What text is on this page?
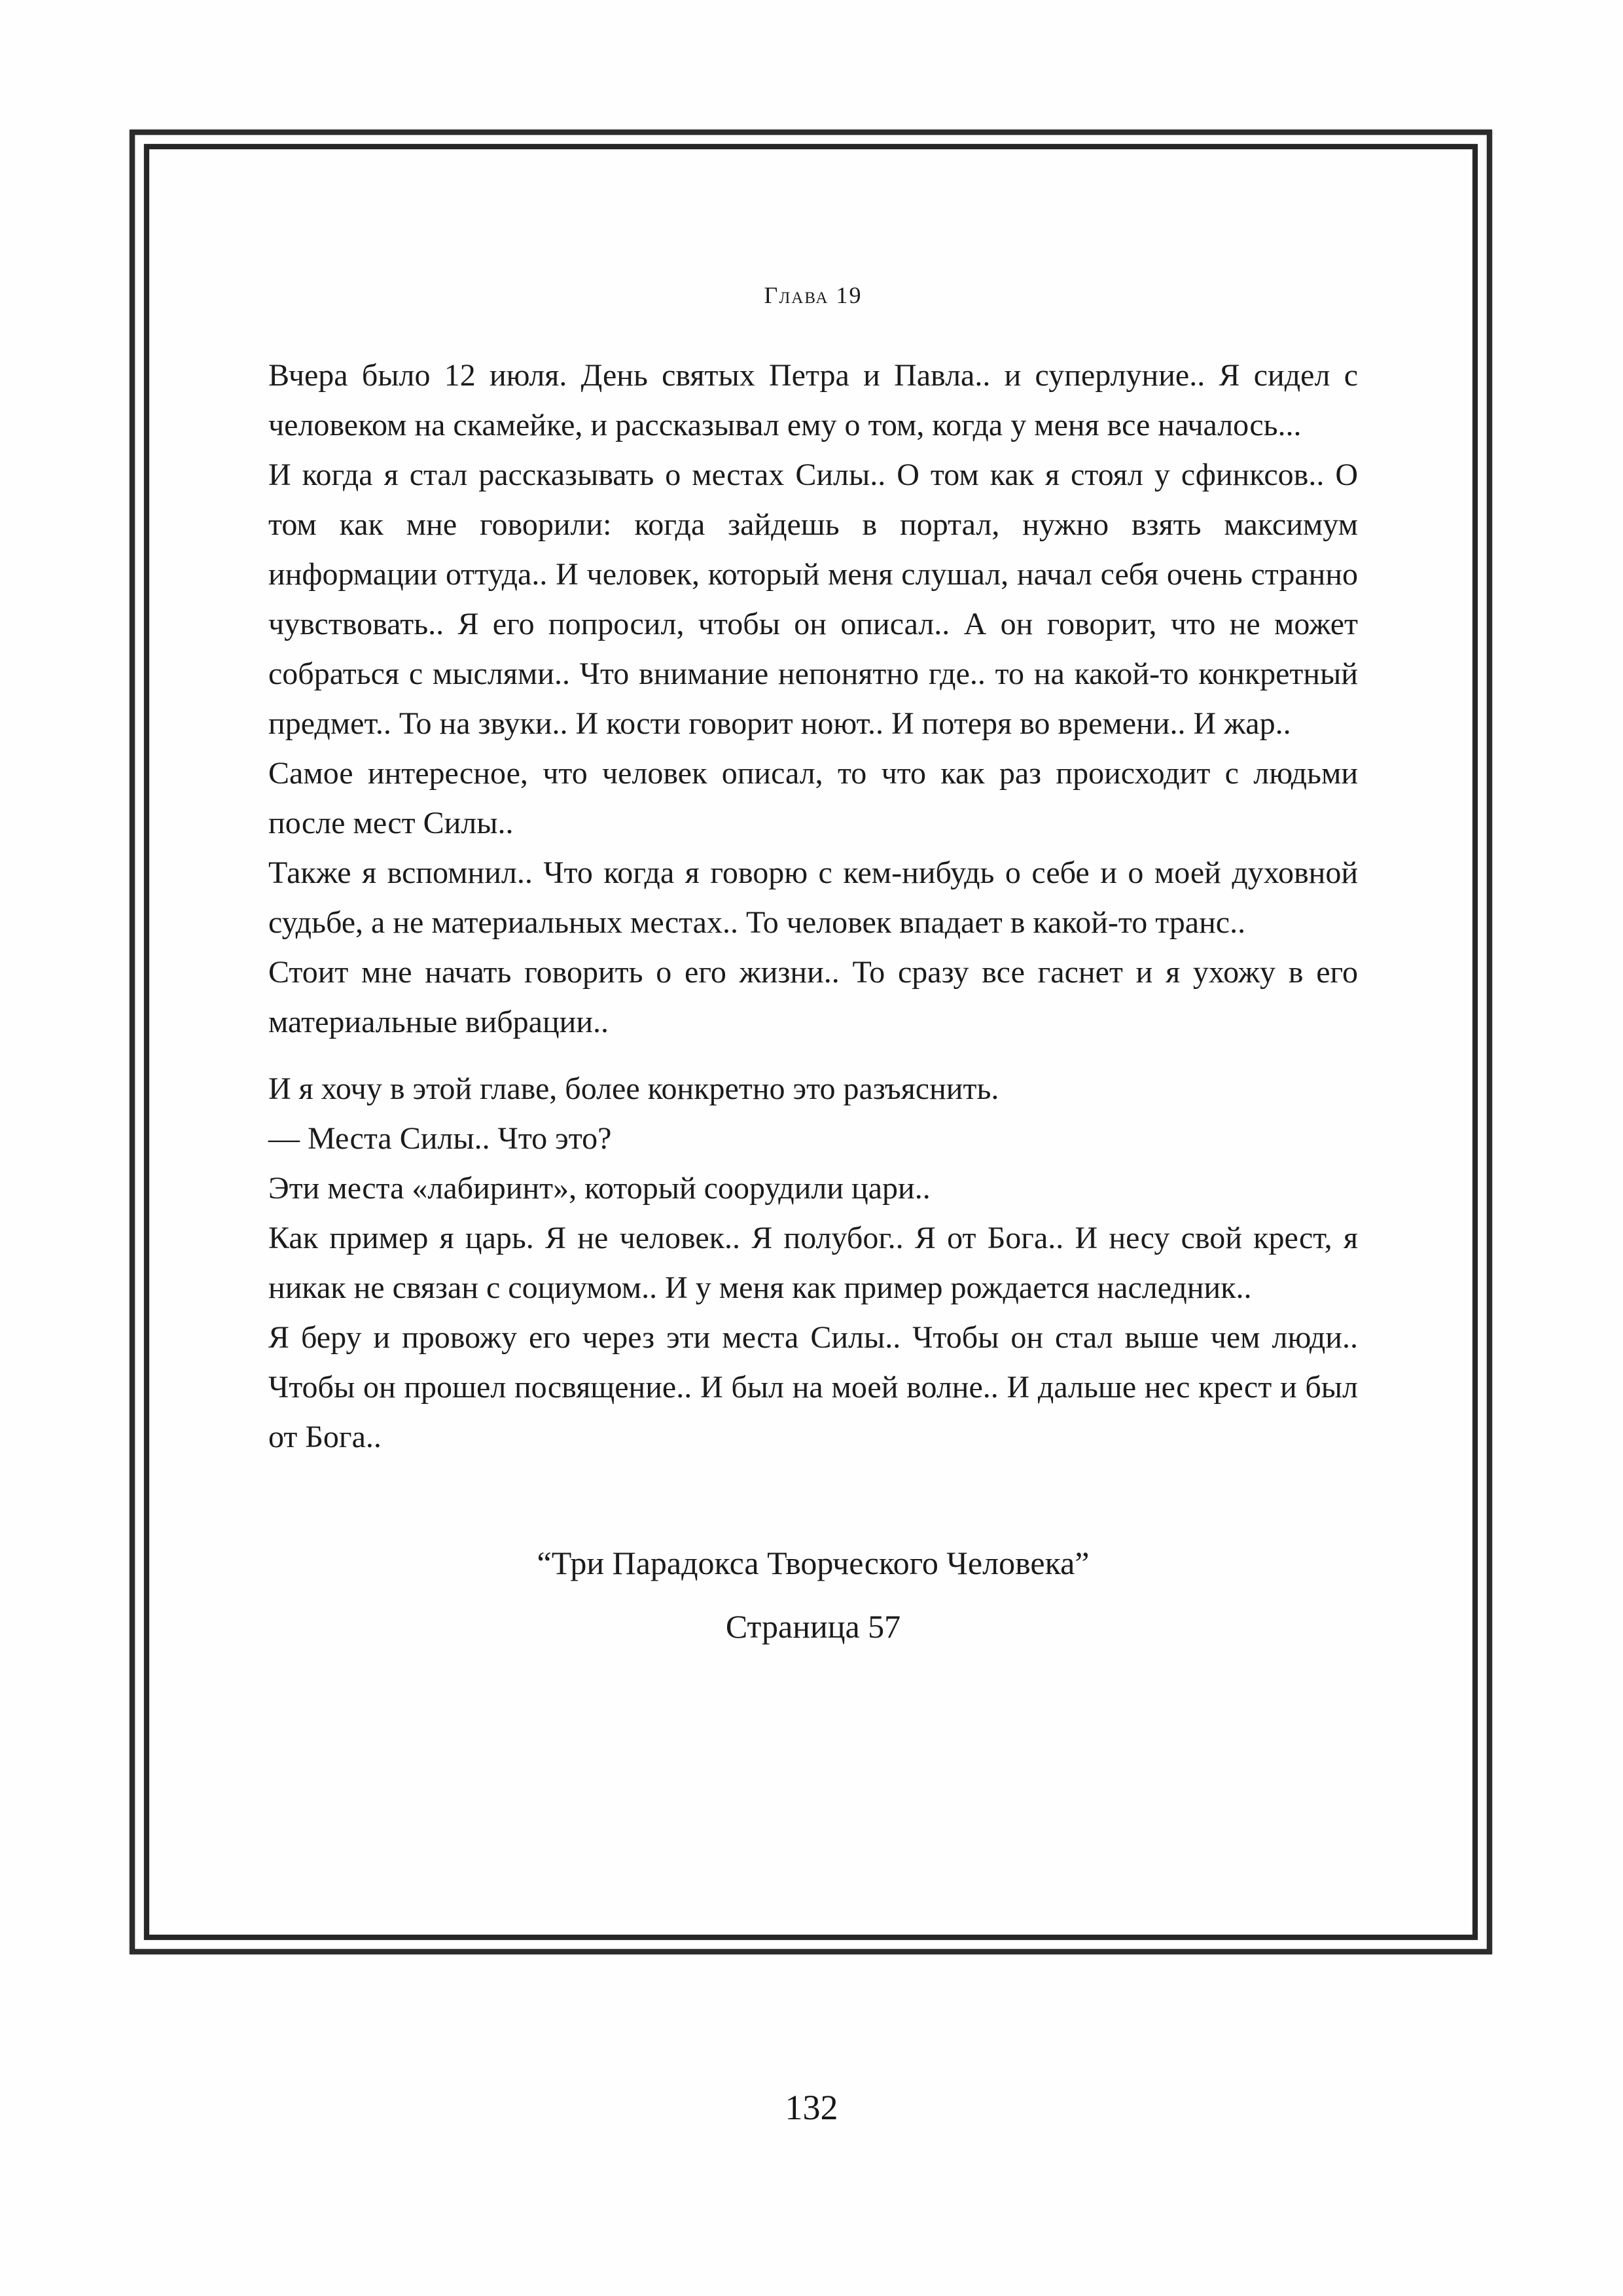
Глава 19

Вчера было 12 июля. День святых Петра и Павла.. и суперлуние.. Я сидел с человеком на скамейке, и рассказывал ему о том, когда у меня все началось...

И когда я стал рассказывать о местах Силы.. О том как я стоял у сфинксов.. О том как мне говорили: когда зайдешь в портал, нужно взять максимум информации оттуда.. И человек, который меня слушал, начал себя очень странно чувствовать.. Я его попросил, чтобы он описал.. А он говорит, что не может собраться с мыслями.. Что внимание непонятно где.. то на какой-то конкретный предмет.. То на звуки.. И кости говорит ноют.. И потеря во времени.. И жар..

Самое интересное, что человек описал, то что как раз происходит с людьми после мест Силы..

Также я вспомнил.. Что когда я говорю с кем-нибудь о себе и о моей духовной судьбе, а не материальных местах.. То человек впадает в какой-то транс..

Стоит мне начать говорить о его жизни.. То сразу все гаснет и я ухожу в его материальные вибрации..

И я хочу в этой главе, более конкретно это разъяснить.

— Места Силы.. Что это?

Эти места «лабиринт», который соорудили цари..

Как пример я царь. Я не человек.. Я полубог.. Я от Бога.. И несу свой крест, я никак не связан с социумом.. И у меня как пример рождается наследник..

Я беру и провожу его через эти места Силы.. Чтобы он стал выше чем люди.. Чтобы он прошел посвящение.. И был на моей волне.. И дальше нес крест и был от Бога..

“Три Парадокса Творческого Человека”

Страница 57

132
